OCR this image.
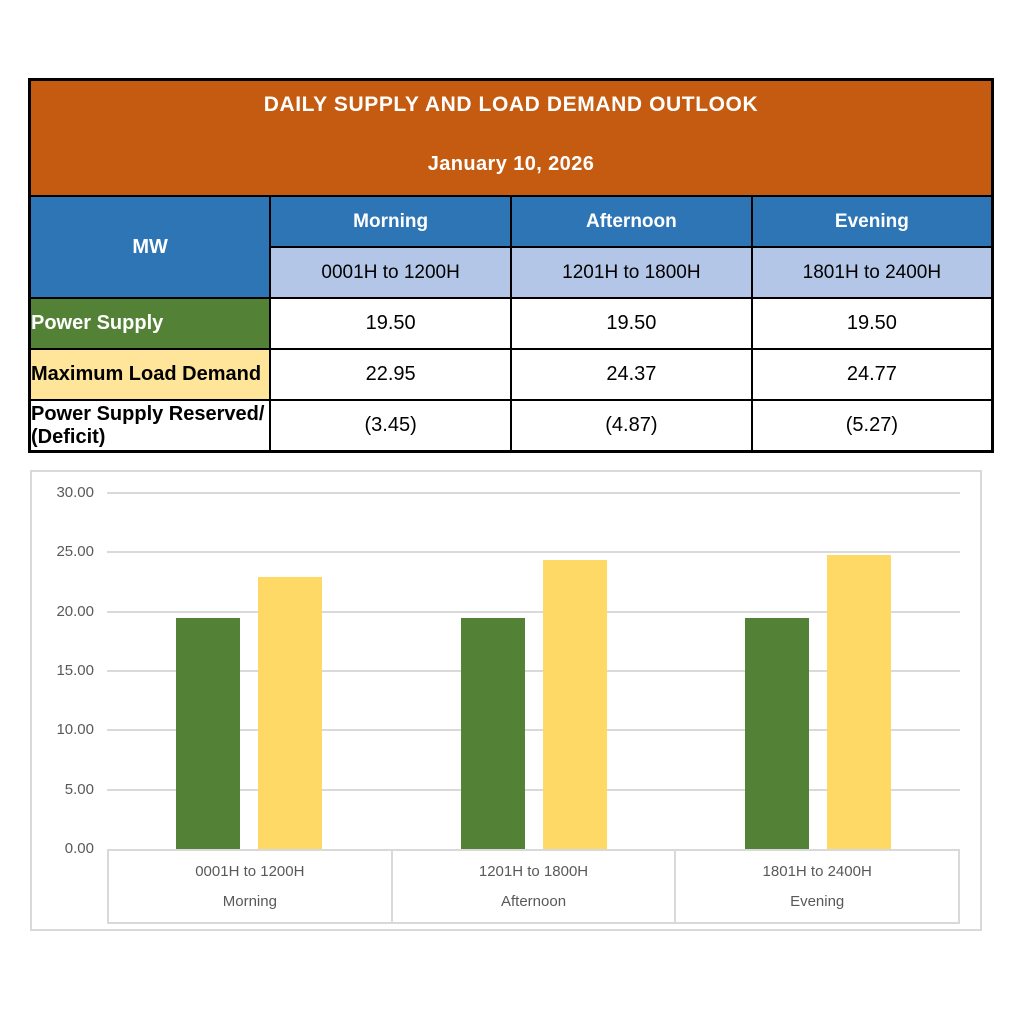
DAILY SUPPLY AND LOAD DEMAND OUTLOOK
January 10, 2026			

MW	Morning	Afternoon	Evening
	0001H to 1200H	1201H to 1800H	1801H to 2400H
Power Supply	19.50	19.50	19.50
Maximum Load Demand	22.95	24.37	24.77
Power Supply Reserved/ (Deficit)	(3.45)	(4.87)	(5.27)
0001H to 1200H
Morning
1201H to 1800H
Afternoon
1801H to 2400H
Evening
0.00
5.00
10.00
15.00
20.00
25.00
30.00
